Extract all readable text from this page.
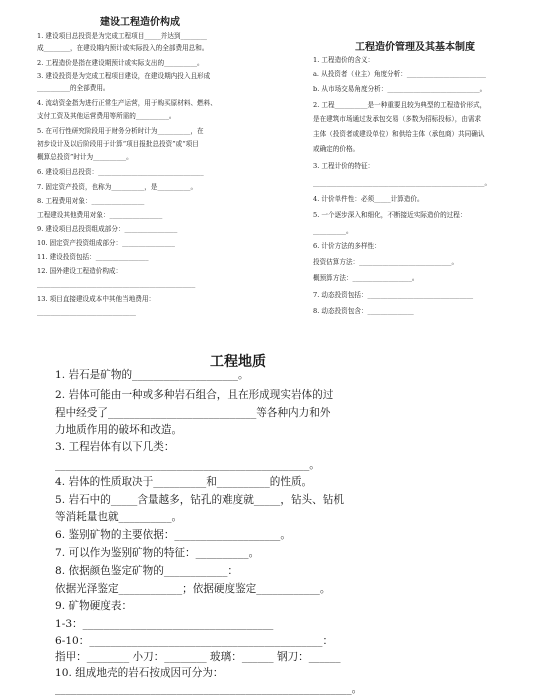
建设工程造价构成
1. 建设项目总投资是为完成工程项目_____并达到________
成________，在建设期内预计或实际投入的全部费用总和。
2. 工程造价是指在建设期预计或实际支出的__________。
3. 建设投资是为完成工程项目建设，在建设期内投入且形成
__________的全部费用。
4. 流动资金指为进行正常生产运营，用于购买原材料、燃料、
支付工资及其他运营费用等所需的__________。
5. 在可行性研究阶段用于财务分析时计为__________，在
初步设计及以后阶段用于计算“项目报批总投资”或“项目
概算总投资”时计为__________。
6. 建设项目总投资：________________________________
7. 固定资产投资，也称为__________，是__________。
8. 工程费用对象：________________
工程建设其他费用对象：________________
9. 建设项目总投资组成部分：________________
10. 固定资产投资组成部分：________________
11. 建设投资包括：________________
12. 国外建设工程造价构成：
________________________________________________
13. 项目直接建设成本中其他当地费用：
______________________________
工程造价管理及其基本制度
1. 工程造价的含义：
a. 从投资者（业主）角度分析：________________________
b. 从市场交易角度分析：____________________________。
2. 工程__________是一种重要且较为典型的工程造价形式，
是在建筑市场通过发承包交易（多数为招标投标），由需求
主体（投资者或建设单位）和供给主体（承包商）共同确认
或确定的价格。
3. 工程计价的特征：
____________________________________________________。
4. 计价单件性：必须_____计算造价。
5. 一个逐步深入和细化，不断接近实际造价的过程：
__________。
6. 计价方法的多样性：
投资估算方法：____________________________。
概预算方法：__________________。
7. 动态投资包括：________________________________
8. 动态投资包含：______________
工程地质
1. 岩石是矿物的____________________。
2. 岩体可能由一种或多种岩石组合，且在形成现实岩体的过
程中经受了____________________________等各种内力和外
力地质作用的破坏和改造。
3. 工程岩体有以下几类：
________________________________________________。
4. 岩体的性质取决于__________和__________的性质。
5. 岩石中的_____含量越多，钻孔的难度就_____，钻头、钻机
等消耗量也就__________。
6. 鉴别矿物的主要依据：____________________。
7. 可以作为鉴别矿物的特征：__________。
8. 依据颜色鉴定矿物的____________：
依据光泽鉴定____________；依据硬度鉴定____________。
9. 矿物硬度表：
1-3：____________________________________
6-10：____________________________________________：
指甲：________ 小刀：________ 玻璃：______ 钢刀：______
10. 组成地壳的岩石按成因可分为：
________________________________________________________。
